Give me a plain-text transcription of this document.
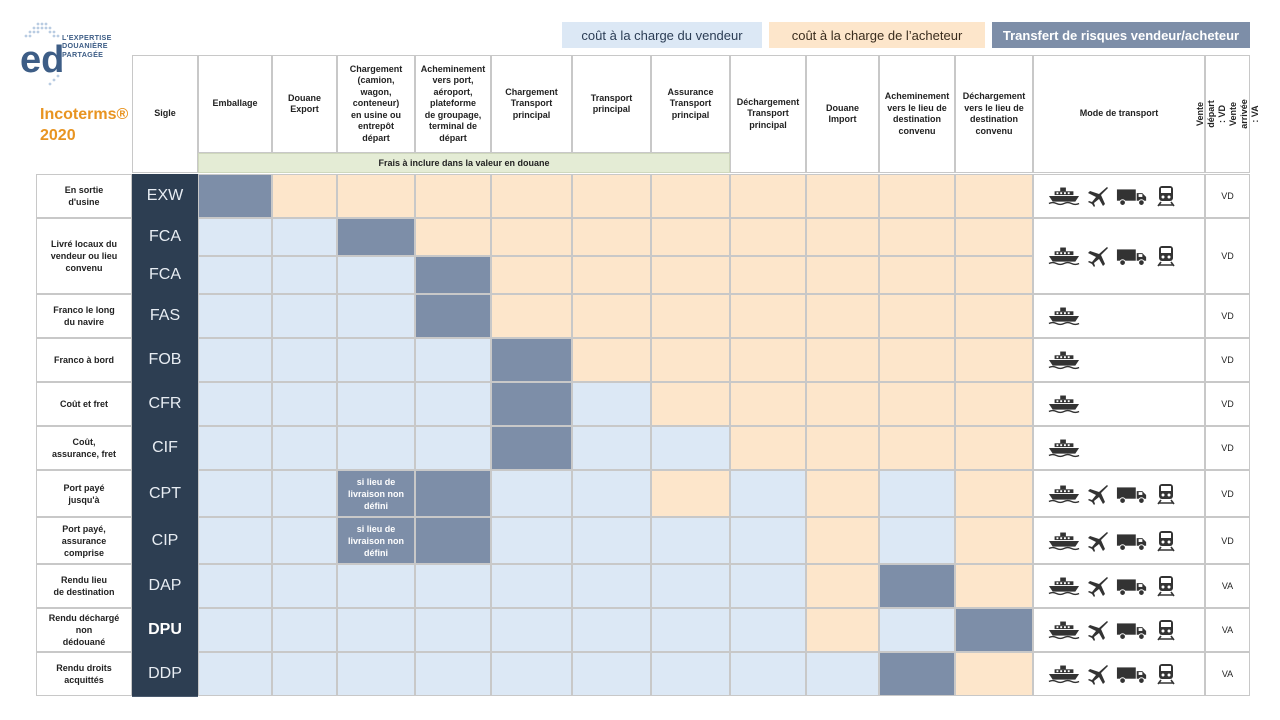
coût à la charge du vendeur	coût à la charge de l’acheteur	Transfert de risques vendeur/acheteur
ed
L'EXPERTISE
DOUANIÈRE
PARTAGÉE
Incoterms®
2020
Sigle
Emballage
Douane
Export
Chargement
(camion,
wagon,
conteneur)
en usine ou
entrepôt
départ
Acheminement
vers port,
aéroport,
plateforme
de groupage,
terminal de
départ
Chargement
Transport
principal
Transport
principal
Assurance
Transport
principal
Déchargement
Transport
principal
Douane
Import
Acheminement
vers le lieu de
destination
convenu
Déchargement
vers le lieu de
destination
convenu
Mode de transport
En sortie
d'usine
Livré locaux du
vendeur ou lieu
convenu
Franco le long
du navire
Franco à bord
Coût et fret
Coût,
assurance, fret
Port payé
jusqu'à
Port payé, assurance
comprise
Rendu lieu
de destination
Rendu déchargé non
dédouané
Rendu droits
acquittés
EXW
FCA
FCA
FAS
FOB
CFR
CIF
CPT
si lieu de
livraison non
défini
CIP
si lieu de
livraison non
défini
DAP
DPU
DDP
VD
VD
VD
VD
VD
VD
VD
VD
VA
VA
VA
Frais à inclure dans la valeur en douane
Vente départ : VD
Vente arrivée : VA
